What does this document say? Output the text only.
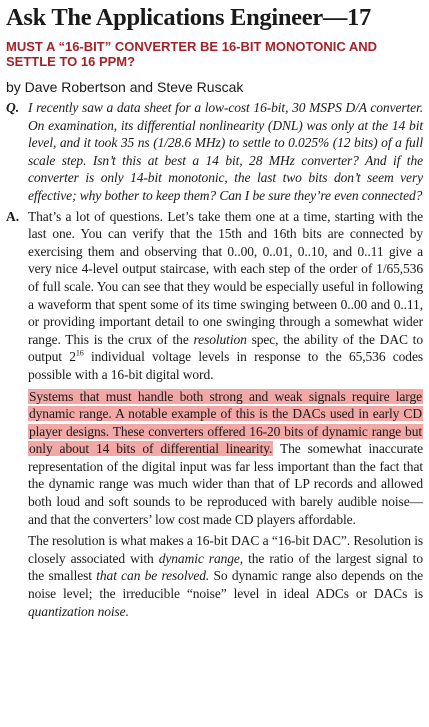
Ask The Applications Engineer—17
MUST A “16-BIT” CONVERTER BE 16-BIT MONOTONIC AND SETTLE TO 16 PPM?
by Dave Robertson and Steve Ruscak
Q. I recently saw a data sheet for a low-cost 16-bit, 30 MSPS D/A converter. On examination, its differential nonlinearity (DNL) was only at the 14 bit level, and it took 35 ns (1/28.6 MHz) to settle to 0.025% (12 bits) of a full scale step. Isn’t this at best a 14 bit, 28 MHz converter? And if the converter is only 14-bit monotonic, the last two bits don’t seem very effective; why bother to keep them? Can I be sure they’re even connected?
A. That’s a lot of questions. Let’s take them one at a time, starting with the last one. You can verify that the 15th and 16th bits are connected by exercising them and observing that 0..00, 0..01, 0..10, and 0..11 give a very nice 4-level output staircase, with each step of the order of 1/65,536 of full scale. You can see that they would be especially useful in following a waveform that spent some of its time swinging between 0..00 and 0..11, or providing important detail to one swinging through a somewhat wider range. This is the crux of the resolution spec, the ability of the DAC to output $2^{16}$ individual voltage levels in response to the 65,536 codes possible with a 16-bit digital word.
Systems that must handle both strong and weak signals require large dynamic range. A notable example of this is the DACs used in early CD player designs. These converters offered 16-20 bits of dynamic range but only about 14 bits of differential linearity. The somewhat inaccurate representation of the digital input was far less important than the fact that the dynamic range was much wider than that of LP records and allowed both loud and soft sounds to be reproduced with barely audible noise—and that the converters’ low cost made CD players affordable.
The resolution is what makes a 16-bit DAC a “16-bit DAC”. Resolution is closely associated with dynamic range, the ratio of the largest signal to the smallest that can be resolved. So dynamic range also depends on the noise level; the irreducible “noise” level in ideal ADCs or DACs is quantization noise.
